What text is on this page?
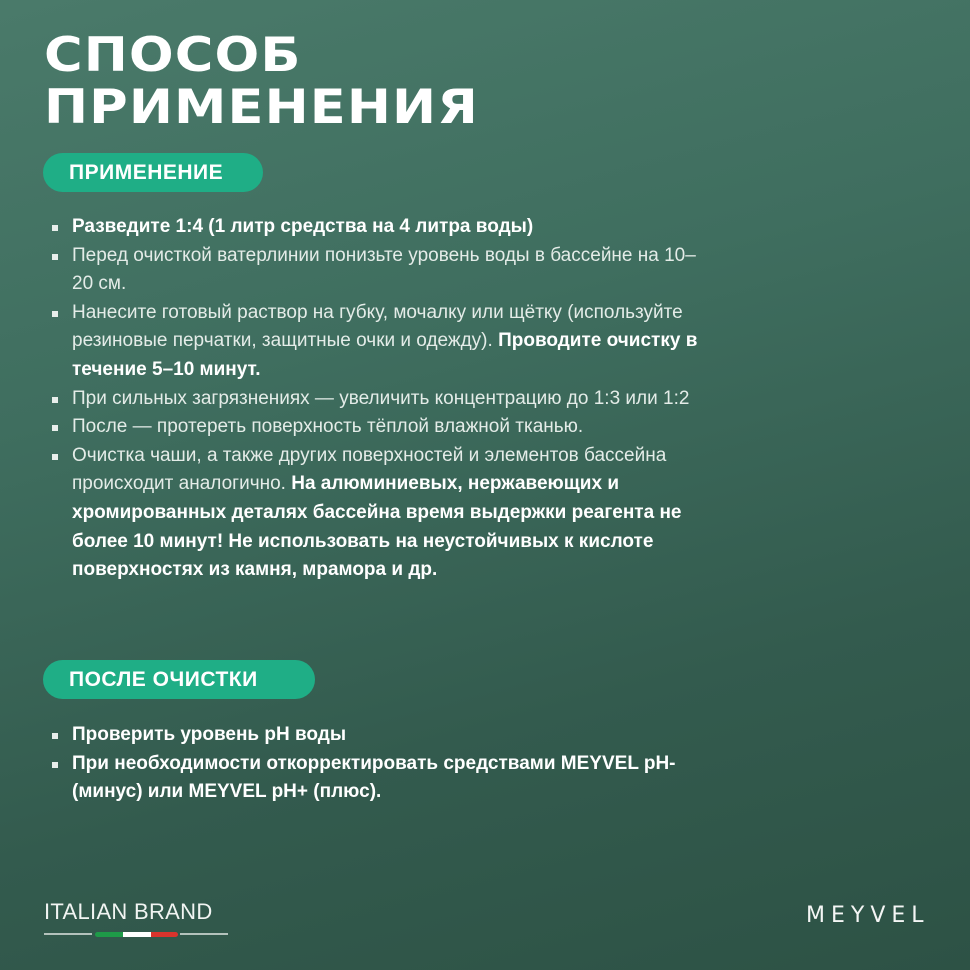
СПОСОБ
ПРИМЕНЕНИЯ
ПРИМЕНЕНИЕ
Разведите 1:4 (1 литр средства на 4 литра воды)
Перед очисткой ватерлинии понизьте уровень воды в бассейне на 10–20 см.
Нанесите готовый раствор на губку, мочалку или щётку (используйте резиновые перчатки, защитные очки и одежду). Проводите очистку в течение 5–10 минут.
При сильных загрязнениях — увеличить концентрацию до 1:3 или 1:2
После — протереть поверхность тёплой влажной тканью.
Очистка чаши, а также других поверхностей и элементов бассейна происходит аналогично. На алюминиевых, нержавеющих и хромированных деталях бассейна время выдержки реагента не более 10 минут! Не использовать на неустойчивых к кислоте поверхностях из камня, мрамора и др.
ПОСЛЕ ОЧИСТКИ
Проверить уровень pH воды
При необходимости откорректировать средствами MEYVEL pH- (минус) или MEYVEL pH+ (плюс).
ITALIAN BRAND	MEYVEL
